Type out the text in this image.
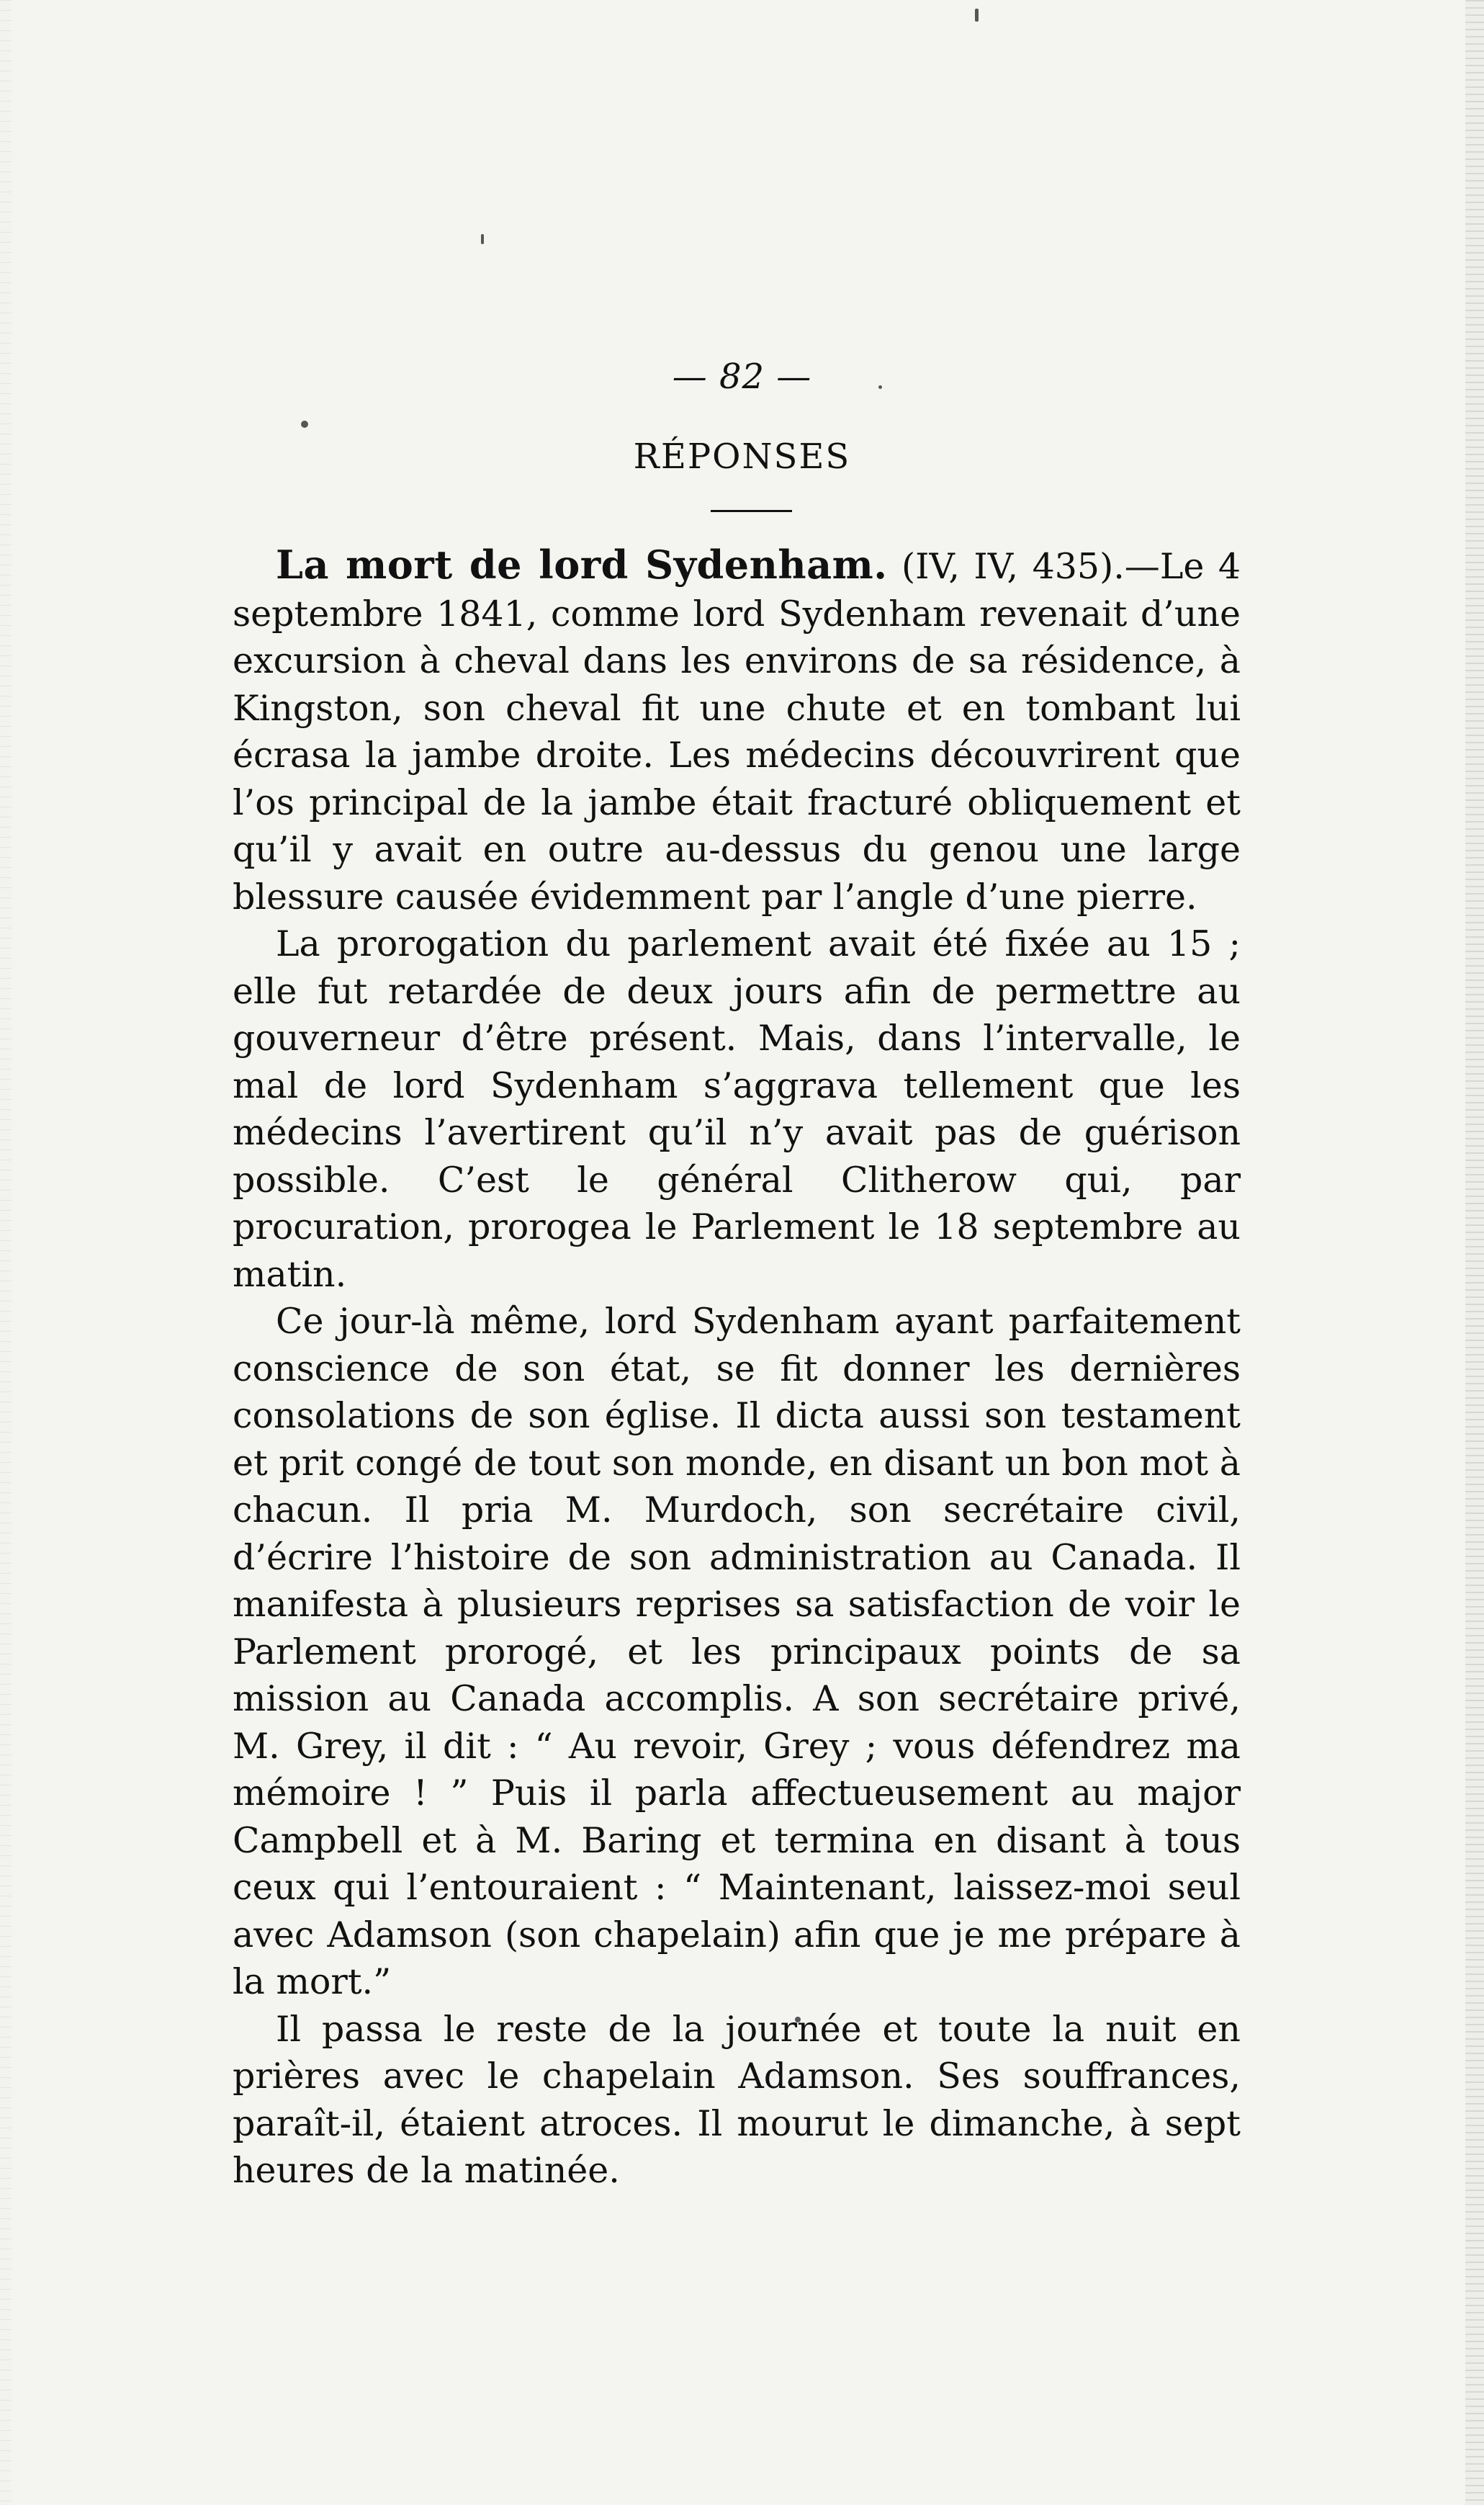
— 82 —
RÉPONSES

La mort de lord Sydenham. (IV, IV, 435).—Le 4 septembre 1841, comme lord Sydenham revenait d’une excursion à cheval dans les environs de sa résidence, à Kingston, son cheval fit une chute et en tombant lui écrasa la jambe droite. Les médecins découvrirent que l’os principal de la jambe était fracturé obliquement et qu’il y avait en outre au-dessus du genou une large blessure causée évidemment par l’angle d’une pierre.

La prorogation du parlement avait été fixée au 15 ; elle fut retardée de deux jours afin de permettre au gouverneur d’être présent. Mais, dans l’intervalle, le mal de lord Sydenham s’aggrava tellement que les médecins l’avertirent qu’il n’y avait pas de guérison possible. C’est le général Clitherow qui, par procuration, prorogea le Parlement le 18 septembre au matin.

Ce jour-là même, lord Sydenham ayant parfaitement conscience de son état, se fit donner les dernières consolations de son église. Il dicta aussi son testament et prit congé de tout son monde, en disant un bon mot à chacun. Il pria M. Murdoch, son secrétaire civil, d’écrire l’histoire de son administration au Canada. Il manifesta à plusieurs reprises sa satisfaction de voir le Parlement prorogé, et les principaux points de sa mission au Canada accomplis. A son secrétaire privé, M. Grey, il dit : “ Au revoir, Grey ; vous défendrez ma mémoire ! ” Puis il parla affectueusement au major Campbell et à M. Baring et termina en disant à tous ceux qui l’entouraient : “ Maintenant, laissez-moi seul avec Adamson (son chapelain) afin que je me prépare à la mort.”

Il passa le reste de la journée et toute la nuit en prières avec le chapelain Adamson. Ses souffrances, paraît-il, étaient atroces. Il mourut le dimanche, à sept heures de la matinée.
